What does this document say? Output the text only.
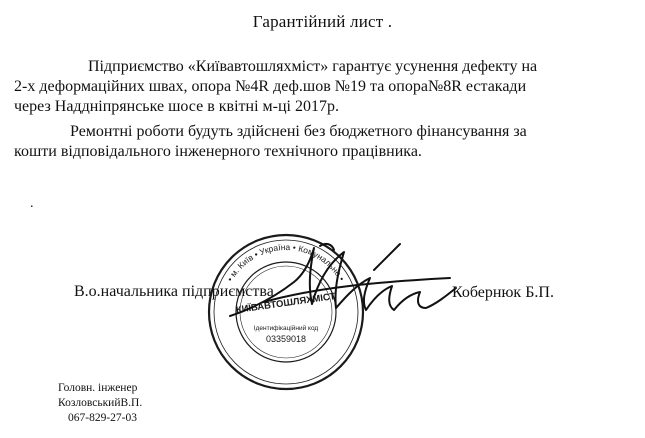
Гарантійний лист .
Підприємство «Київавтошляхміст» гарантує усунення дефекту на
2-х деформаційних швах, опора №4R деф.шов №19 та опора№8R естакади
через Наддніпрянське шосе в квітні м-ці 2017р.
Ремонтні роботи будуть здійснені без бюджетного фінансування за
кошти відповідального інженерного технічного працівника.
.
В.о.начальника підприємства
• м. Київ • Україна • Комунальне •
КИЇВАВТОШЛЯХМІСТ
Ідентифікаційний код
03359018
Кобернюк Б.П.
Головн. інженер
КозловськийВ.П.
067-829-27-03
